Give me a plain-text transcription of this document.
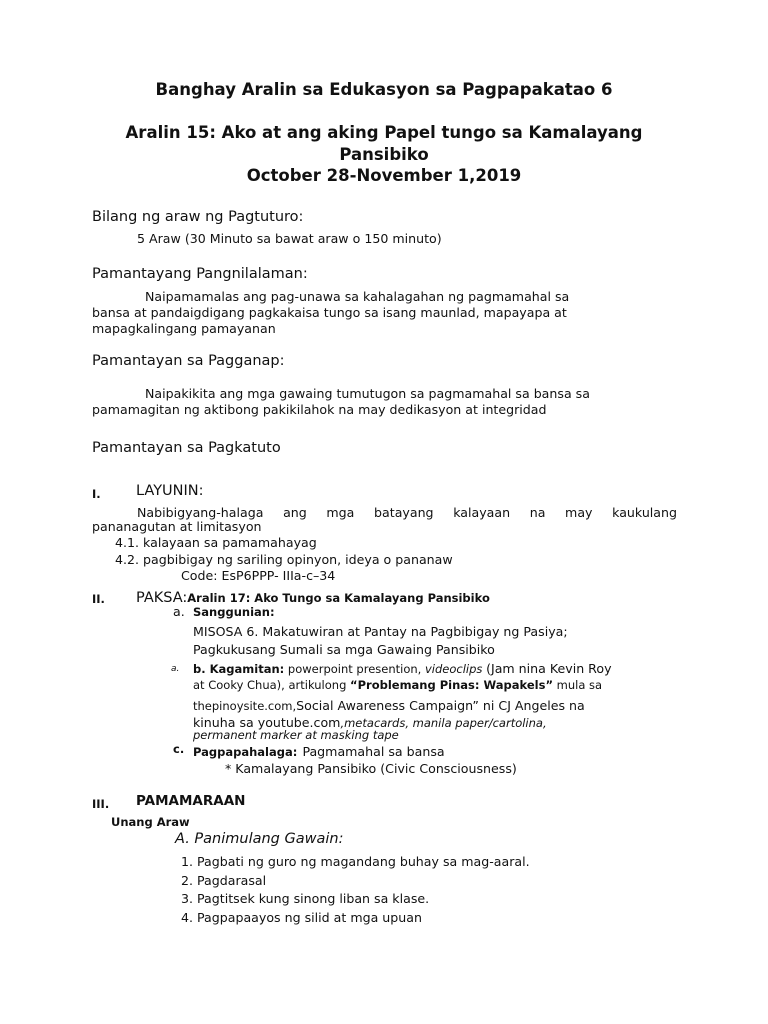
Banghay Aralin sa Edukasyon sa Pagpapakatao 6
Aralin 15: Ako at ang aking Papel tungo sa Kamalayang
Pansibiko
October 28-November 1,2019
Bilang ng araw ng Pagtuturo:
5 Araw (30 Minuto sa bawat araw o 150 minuto)
Pamantayang Pangnilalaman:
Naipamamalas ang pag-unawa sa kahalagahan ng pagmamahal sa
bansa at pandaigdigang pagkakaisa tungo sa isang maunlad, mapayapa at
mapagkalingang pamayanan
Pamantayan sa Pagganap:
Naipakikita ang mga gawaing tumutugon sa pagmamahal sa bansa sa
pamamagitan ng aktibong pakikilahok na may dedikasyon at integridad
Pamantayan sa Pagkatuto
I. LAYUNIN:
Nabibigyang-halaga ang mga batayang kalayaan na may kaukulang
pananagutan at limitasyon
4.1. kalayaan sa pamamahayag
4.2. pagbibigay ng sariling opinyon, ideya o pananaw
Code: EsP6PPP- IIIa-c–34
II. PAKSA:Aralin 17: Ako Tungo sa Kamalayang Pansibiko
a. Sanggunian:
MISOSA 6. Makatuwiran at Pantay na Pagbibigay ng Pasiya;
Pagkukusang Sumali sa mga Gawaing Pansibiko
a. b. Kagamitan: powerpoint presention, videoclips (Jam nina Kevin Roy
at Cooky Chua), artikulong “Problemang Pinas: Wapakels” mula sa
thepinoysite.com,Social Awareness Campaign” ni CJ Angeles na
kinuha sa youtube.com,metacards, manila paper/cartolina,
permanent marker at masking tape
c. Pagpapahalaga: Pagmamahal sa bansa
* Kamalayang Pansibiko (Civic Consciousness)
III. PAMAMARAAN
Unang Araw
A. Panimulang Gawain:
1. Pagbati ng guro ng magandang buhay sa mag-aaral.
2. Pagdarasal
3. Pagtitsek kung sinong liban sa klase.
4. Pagpapaayos ng silid at mga upuan
